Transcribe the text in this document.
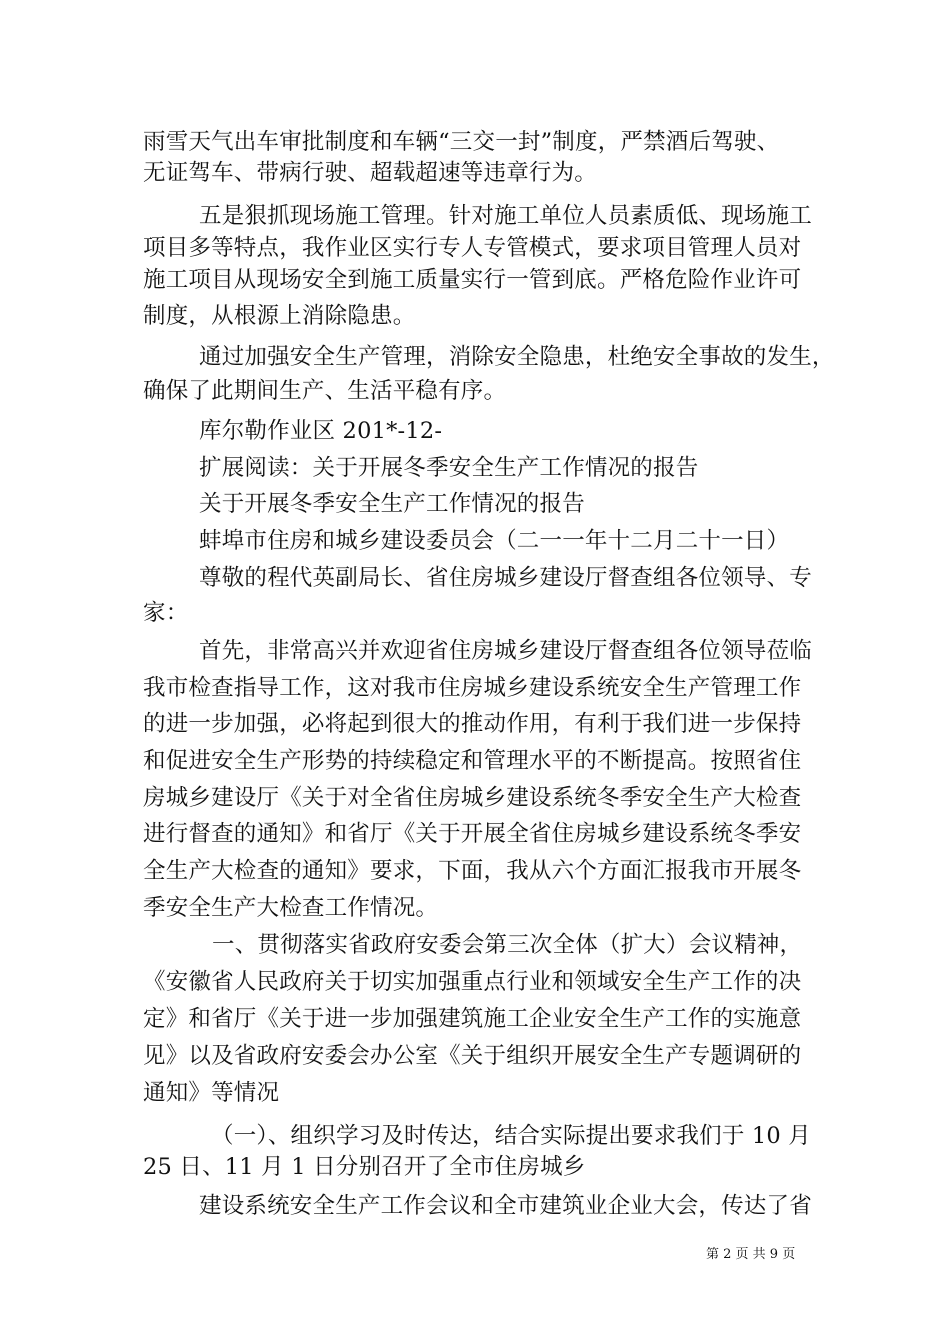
雨雪天气出车审批制度和车辆“三交一封”制度，严禁酒后驾驶、
无证驾车、带病行驶、超载超速等违章行为。
五是狠抓现场施工管理。针对施工单位人员素质低、现场施工
项目多等特点，我作业区实行专人专管模式，要求项目管理人员对
施工项目从现场安全到施工质量实行一管到底。严格危险作业许可
制度，从根源上消除隐患。
通过加强安全生产管理，消除安全隐患，杜绝安全事故的发生，
确保了此期间生产、生活平稳有序。
库尔勒作业区 201*-12-
扩展阅读：关于开展冬季安全生产工作情况的报告
关于开展冬季安全生产工作情况的报告
蚌埠市住房和城乡建设委员会（二一一年十二月二十一日）
尊敬的程代英副局长、省住房城乡建设厅督查组各位领导、专
家：
首先，非常高兴并欢迎省住房城乡建设厅督查组各位领导莅临
我市检查指导工作，这对我市住房城乡建设系统安全生产管理工作
的进一步加强，必将起到很大的推动作用，有利于我们进一步保持
和促进安全生产形势的持续稳定和管理水平的不断提高。按照省住
房城乡建设厅《关于对全省住房城乡建设系统冬季安全生产大检查
进行督查的通知》和省厅《关于开展全省住房城乡建设系统冬季安
全生产大检查的通知》要求，下面，我从六个方面汇报我市开展冬
季安全生产大检查工作情况。
一、贯彻落实省政府安委会第三次全体（扩大）会议精神，
《安徽省人民政府关于切实加强重点行业和领域安全生产工作的决
定》和省厅《关于进一步加强建筑施工企业安全生产工作的实施意
见》以及省政府安委会办公室《关于组织开展安全生产专题调研的
通知》等情况
（一）、组织学习及时传达，结合实际提出要求我们于 10 月
25 日、11 月 1 日分别召开了全市住房城乡
建设系统安全生产工作会议和全市建筑业企业大会，传达了省
第 2 页 共 9 页
